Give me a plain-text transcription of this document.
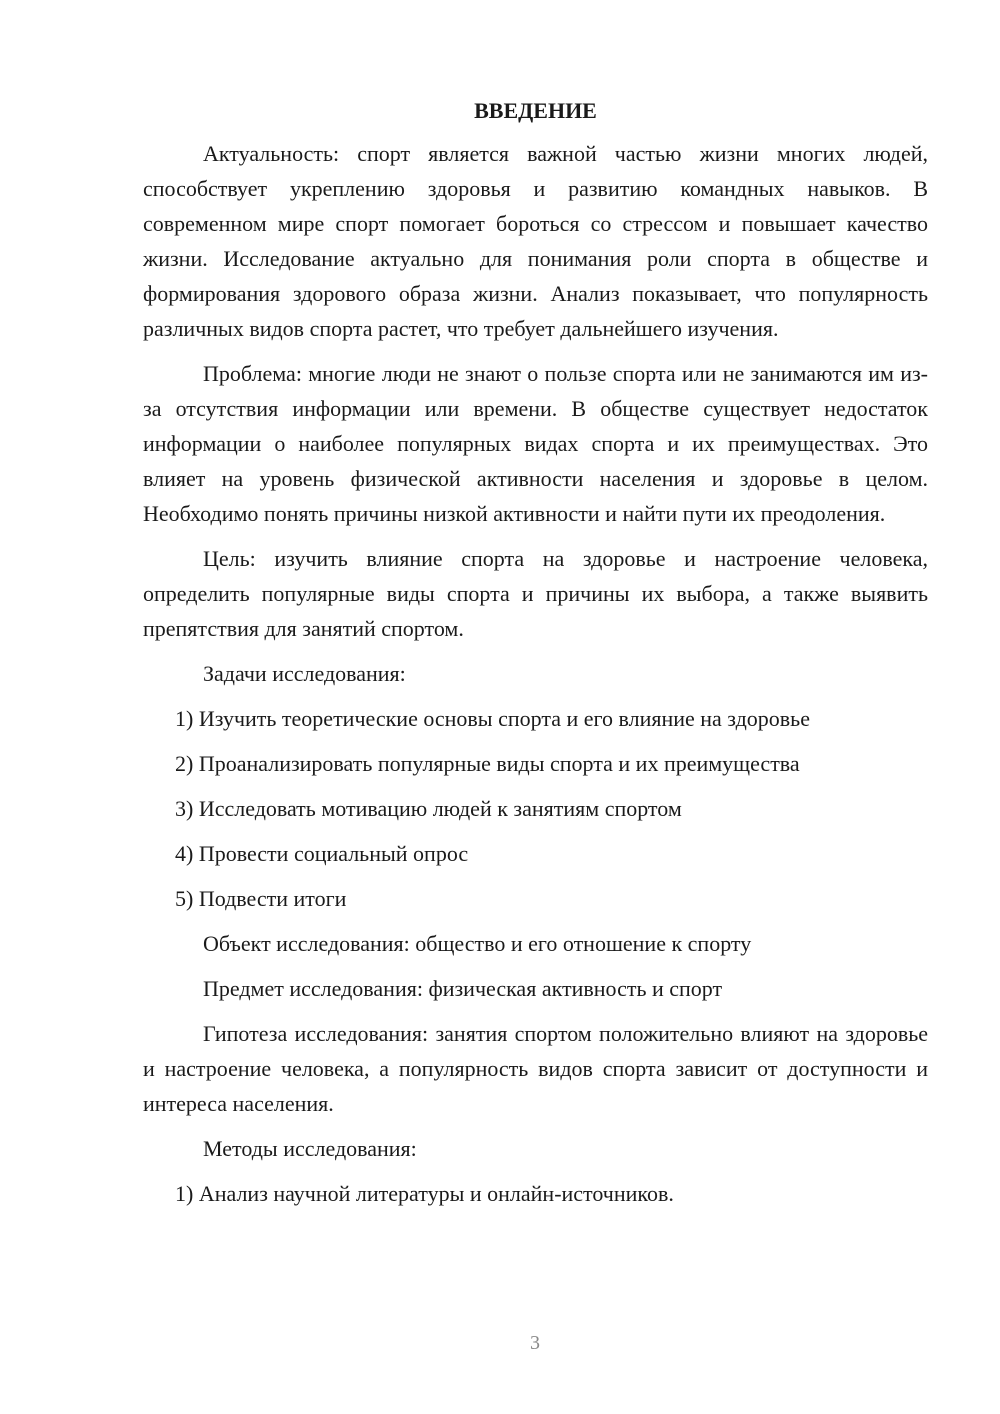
ВВЕДЕНИЕ

Актуальность: спорт является важной частью жизни многих людей, способствует укреплению здоровья и развитию командных навыков. В современном мире спорт помогает бороться со стрессом и повышает качество жизни. Исследование актуально для понимания роли спорта в обществе и формирования здорового образа жизни. Анализ показывает, что популярность различных видов спорта растет, что требует дальнейшего изучения.

Проблема: многие люди не знают о пользе спорта или не занимаются им из-за отсутствия информации или времени. В обществе существует недостаток информации о наиболее популярных видах спорта и их преимуществах. Это влияет на уровень физической активности населения и здоровье в целом. Необходимо понять причины низкой активности и найти пути их преодоления.

Цель: изучить влияние спорта на здоровье и настроение человека, определить популярные виды спорта и причины их выбора, а также выявить препятствия для занятий спортом.

Задачи исследования:

1) Изучить теоретические основы спорта и его влияние на здоровье
2) Проанализировать популярные виды спорта и их преимущества
3) Исследовать мотивацию людей к занятиям спортом
4) Провести социальный опрос
5) Подвести итоги

Объект исследования: общество и его отношение к спорту

Предмет исследования: физическая активность и спорт

Гипотеза исследования: занятия спортом положительно влияют на здоровье и настроение человека, а популярность видов спорта зависит от доступности и интереса населения.

Методы исследования:

1) Анализ научной литературы и онлайн-источников.
3
